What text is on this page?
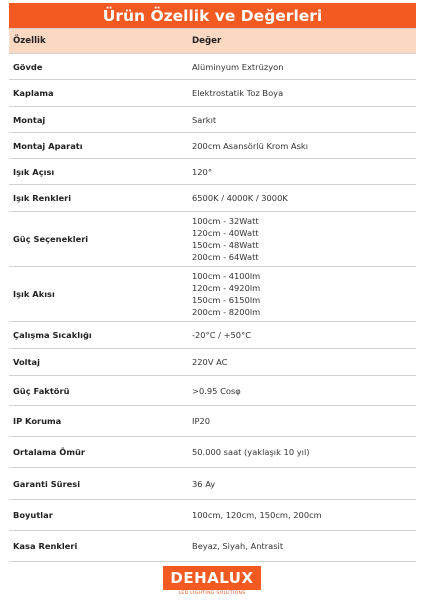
Ürün Özellik ve Değerleri
Özellik	Değer
Gövde	Alüminyum Extrüzyon

Kaplama	Elektrostatik Toz Boya

Montaj	Sarkıt

Montaj Aparatı	200cm Asansörlü Krom Askı

Işık Açısı	120°

Işık Renkleri	6500K / 4000K / 3000K

Güç Seçenekleri	100cm - 32Watt
120cm - 40Watt
150cm - 48Watt
200cm - 64Watt

Işık Akısı	100cm - 4100lm
120cm - 4920lm
150cm - 6150lm
200cm - 8200lm

Çalışma Sıcaklığı	-20°C / +50°C

Voltaj	220V AC

Güç Faktörü	>0.95 Cosφ

IP Koruma	IP20

Ortalama Ömür	50.000 saat (yaklaşık 10 yıl)

Garanti Süresi	36 Ay

Boyutlar	100cm, 120cm, 150cm, 200cm

Kasa Renkleri	Beyaz, Siyah, Antrasit
DEHALUX
LED LIGHTING SOLUTIONS
